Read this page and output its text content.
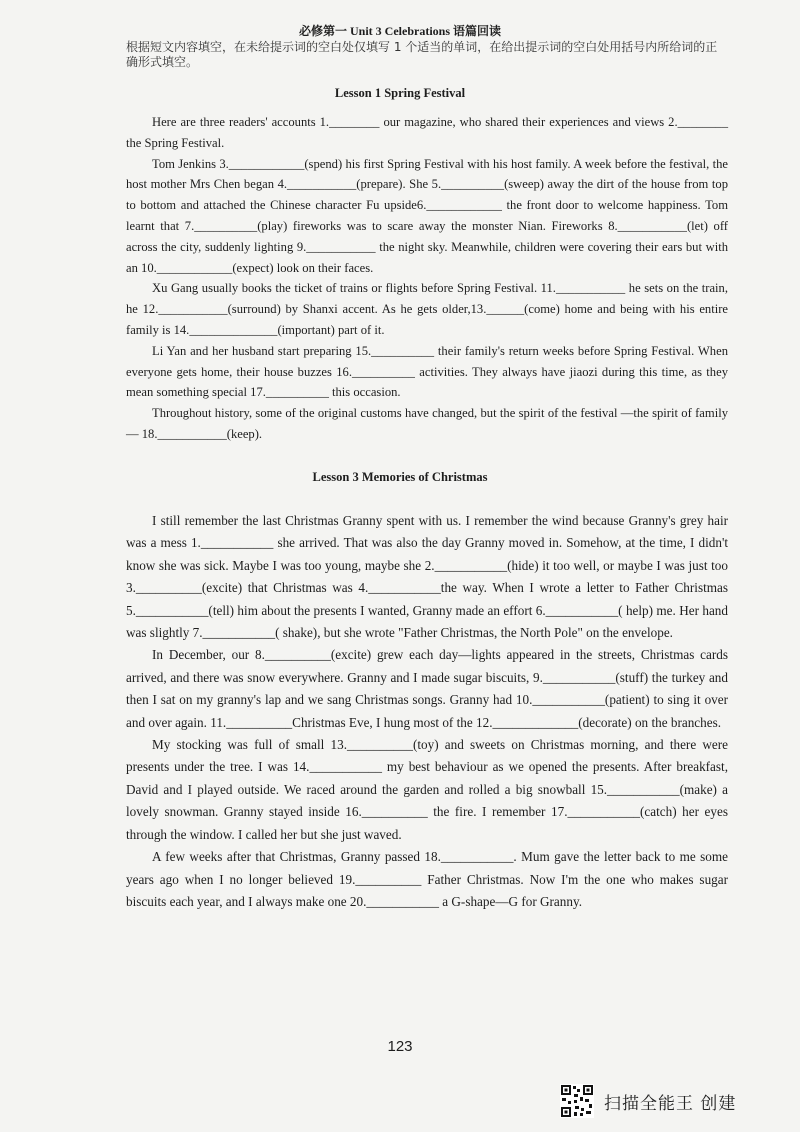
必修第一 Unit 3 Celebrations 语篇回读
根据短文内容填空，在未给提示词的空白处仅填写 1 个适当的单词，在给出提示词的空白处用括号内所给词的正确形式填空。
Lesson 1 Spring Festival

Here are three readers' accounts 1.________ our magazine, who shared their experiences and views 2.________ the Spring Festival.

Tom Jenkins 3.____________(spend) his first Spring Festival with his host family. A week before the festival, the host mother Mrs Chen began 4.___________(prepare). She 5.__________(sweep) away the dirt of the house from top to bottom and attached the Chinese character Fu upside6.____________ the front door to welcome happiness. Tom learnt that 7.__________(play) fireworks was to scare away the monster Nian. Fireworks 8.___________(let) off across the city, suddenly lighting 9.___________ the night sky. Meanwhile, children were covering their ears but with an 10.____________(expect) look on their faces.

Xu Gang usually books the ticket of trains or flights before Spring Festival. 11.___________ he sets on the train, he 12.___________(surround) by Shanxi accent. As he gets older,13.______(come) home and being with his entire family is 14.______________(important) part of it.

Li Yan and her husband start preparing 15.__________ their family's return weeks before Spring Festival. When everyone gets home, their house buzzes 16.__________ activities. They always have jiaozi during this time, as they mean something special 17.__________ this occasion.

Throughout history, some of the original customs have changed, but the spirit of the festival —the spirit of family — 18.___________(keep).

Lesson 3 Memories of Christmas

I still remember the last Christmas Granny spent with us. I remember the wind because Granny's grey hair was a mess 1.___________ she arrived. That was also the day Granny moved in. Somehow, at the time, I didn't know she was sick. Maybe I was too young, maybe she 2.___________(hide) it too well, or maybe I was just too 3.__________(excite) that Christmas was 4.___________the way. When I wrote a letter to Father Christmas 5.___________(tell) him about the presents I wanted, Granny made an effort 6.___________( help) me. Her hand was slightly 7.___________( shake), but she wrote "Father Christmas, the North Pole" on the envelope.

In December, our 8.__________(excite) grew each day—lights appeared in the streets, Christmas cards arrived, and there was snow everywhere. Granny and I made sugar biscuits, 9.___________(stuff) the turkey and then I sat on my granny's lap and we sang Christmas songs. Granny had 10.___________(patient) to sing it over and over again. 11.__________Christmas Eve, I hung most of the 12._____________(decorate) on the branches.

My stocking was full of small 13.__________(toy) and sweets on Christmas morning, and there were presents under the tree. I was 14.___________ my best behaviour as we opened the presents. After breakfast, David and I played outside. We raced around the garden and rolled a big snowball 15.___________(make) a lovely snowman. Granny stayed inside 16.__________ the fire. I remember 17.___________(catch) her eyes through the window. I called her but she just waved.

A few weeks after that Christmas, Granny passed 18.___________. Mum gave the letter back to me some years ago when I no longer believed 19.__________ Father Christmas. Now I'm the one who makes sugar biscuits each year, and I always make one 20.___________ a G-shape—G for Granny.

123
扫描全能王 创建
